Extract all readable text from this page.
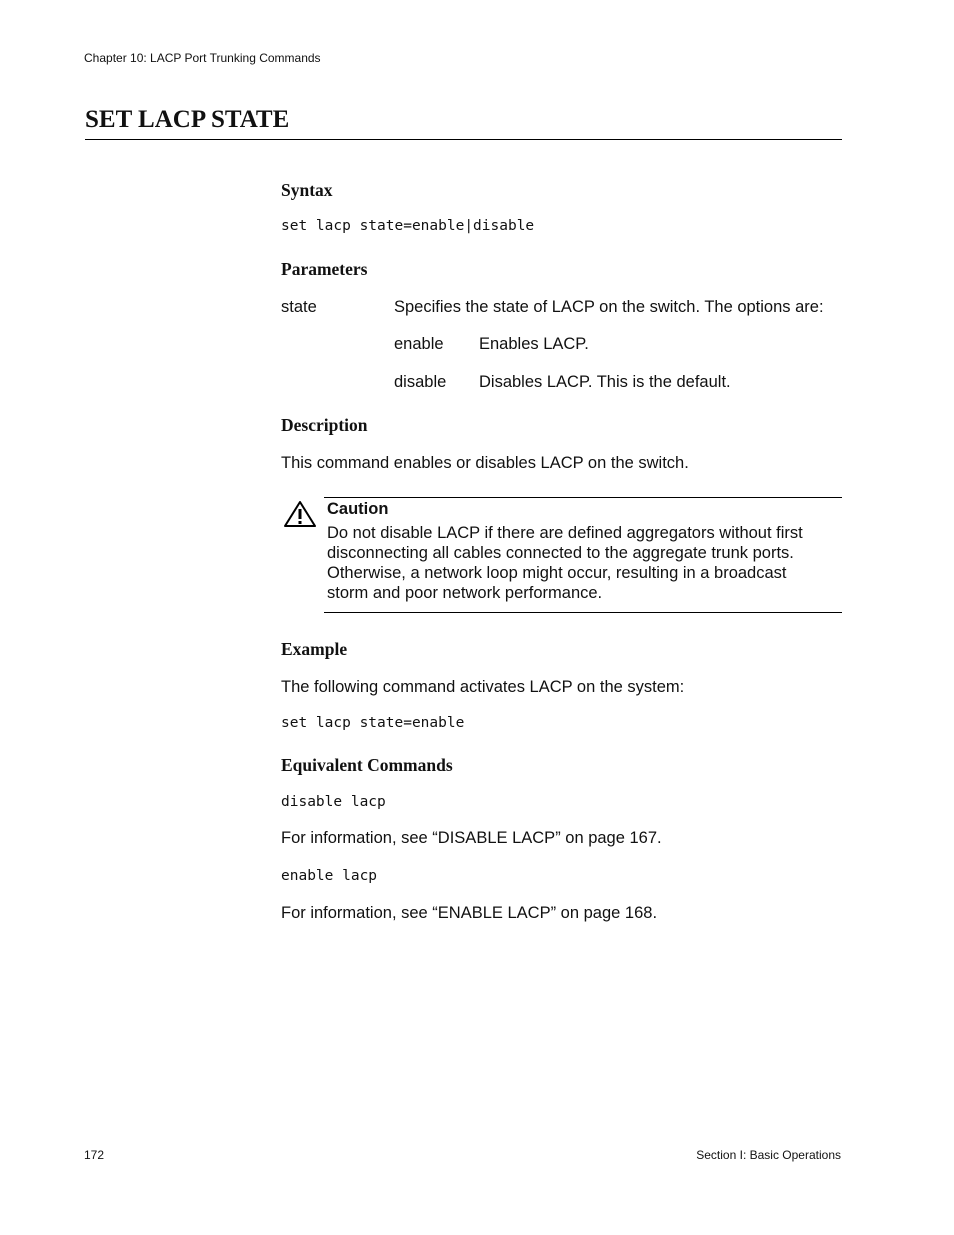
Chapter 10: LACP Port Trunking Commands
SET LACP STATE
Syntax
set lacp state=enable|disable
Parameters
state	Specifies the state of LACP on the switch. The options are:
enable Enables LACP.
disable Disables LACP. This is the default.
Description
This command enables or disables LACP on the switch.
Caution
Do not disable LACP if there are defined aggregators without first
disconnecting all cables connected to the aggregate trunk ports.
Otherwise, a network loop might occur, resulting in a broadcast
storm and poor network performance.
Example
The following command activates LACP on the system:
set lacp state=enable
Equivalent Commands
disable lacp
For information, see “DISABLE LACP” on page 167.
enable lacp
For information, see “ENABLE LACP” on page 168.
172	Section I: Basic Operations
